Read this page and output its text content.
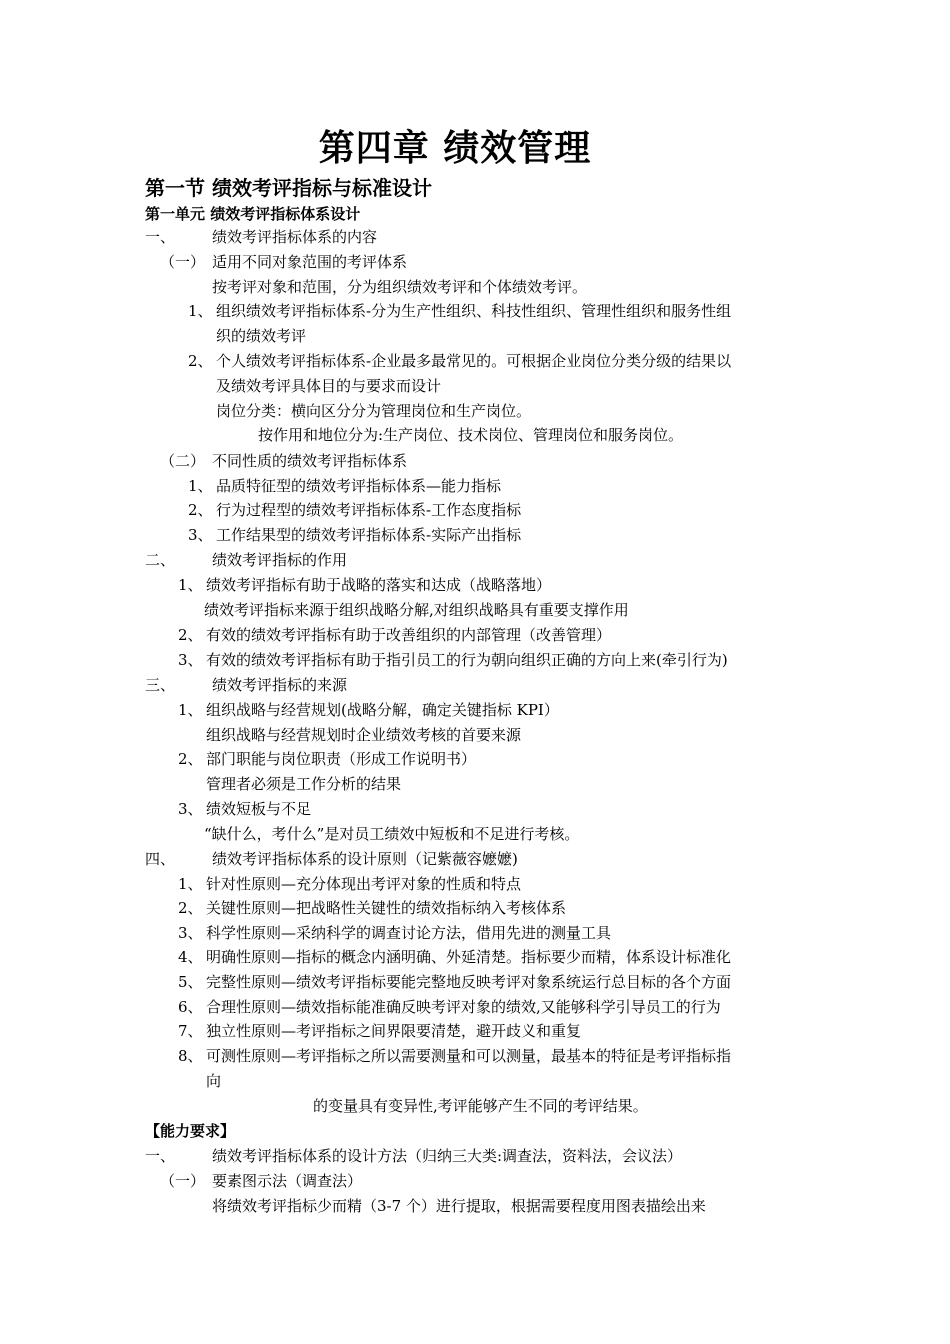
第四章 绩效管理
第一节 绩效考评指标与标准设计
第一单元 绩效考评指标体系设计
一、 绩效考评指标体系的内容
（一） 适用不同对象范围的考评体系
按考评对象和范围，分为组织绩效考评和个体绩效考评。
1、 组织绩效考评指标体系-分为生产性组织、科技性组织、管理性组织和服务性组
织的绩效考评
2、 个人绩效考评指标体系-企业最多最常见的。可根据企业岗位分类分级的结果以
及绩效考评具体目的与要求而设计
岗位分类：横向区分分为管理岗位和生产岗位。
按作用和地位分为:生产岗位、技术岗位、管理岗位和服务岗位。
（二） 不同性质的绩效考评指标体系
1、 品质特征型的绩效考评指标体系—能力指标
2、 行为过程型的绩效考评指标体系-工作态度指标
3、 工作结果型的绩效考评指标体系-实际产出指标
二、 绩效考评指标的作用
1、 绩效考评指标有助于战略的落实和达成（战略落地）
绩效考评指标来源于组织战略分解,对组织战略具有重要支撑作用
2、 有效的绩效考评指标有助于改善组织的内部管理（改善管理）
3、 有效的绩效考评指标有助于指引员工的行为朝向组织正确的方向上来(牵引行为)
三、 绩效考评指标的来源
1、 组织战略与经营规划(战略分解，确定关键指标 KPI）
组织战略与经营规划时企业绩效考核的首要来源
2、 部门职能与岗位职责（形成工作说明书）
管理者必须是工作分析的结果
3、 绩效短板与不足
“缺什么，考什么”是对员工绩效中短板和不足进行考核。
四、 绩效考评指标体系的设计原则（记紫薇容嬷嬷)
1、 针对性原则—充分体现出考评对象的性质和特点
2、 关键性原则—把战略性关键性的绩效指标纳入考核体系
3、 科学性原则—采纳科学的调查讨论方法，借用先进的测量工具
4、 明确性原则—指标的概念内涵明确、外延清楚。指标要少而精，体系设计标准化
5、 完整性原则—绩效考评指标要能完整地反映考评对象系统运行总目标的各个方面
6、 合理性原则—绩效指标能准确反映考评对象的绩效,又能够科学引导员工的行为
7、 独立性原则—考评指标之间界限要清楚，避开歧义和重复
8、 可测性原则—考评指标之所以需要测量和可以测量，最基本的特征是考评指标指
向
的变量具有变异性,考评能够产生不同的考评结果。
【能力要求】
一、 绩效考评指标体系的设计方法（归纳三大类:调查法，资料法，会议法）
（一） 要素图示法（调查法）
将绩效考评指标少而精（3-7 个）进行提取，根据需要程度用图表描绘出来
